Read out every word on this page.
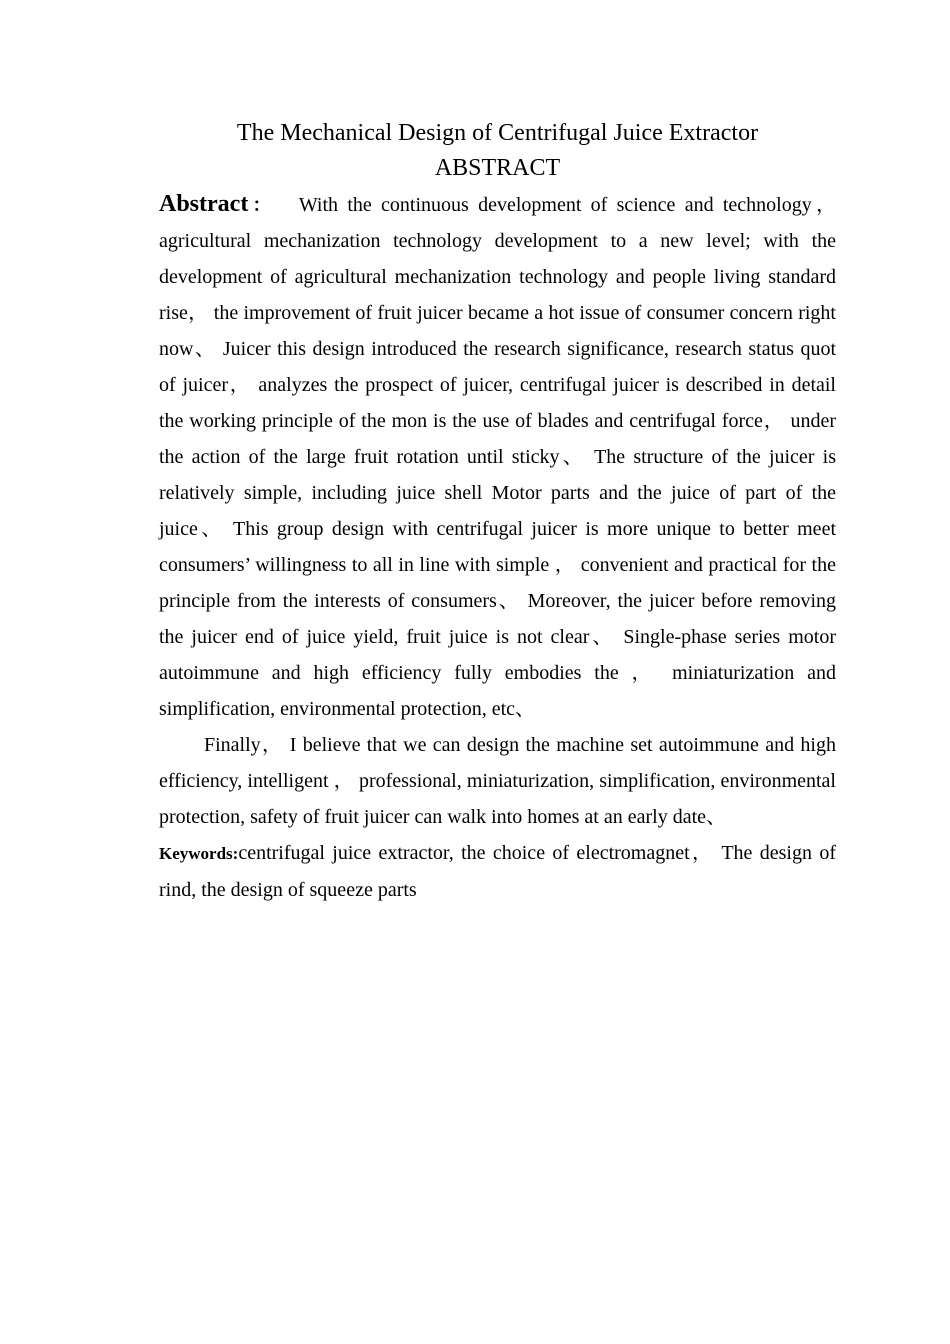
The Mechanical Design of Centrifugal Juice Extractor
ABSTRACT

Abstract： With the continuous development of science and technology， agricultural mechanization technology development to a new level; with the development of agricultural mechanization technology and people living standard rise， the improvement of fruit juicer became a hot issue of consumer concern right now、 Juicer this design introduced the research significance, research status quot of juicer， analyzes the prospect of juicer, centrifugal juicer is described in detail the working principle of the mon is the use of blades and centrifugal force， under the action of the large fruit rotation until sticky、 The structure of the juicer is relatively simple, including juice shell Motor parts and the juice of part of the juice、 This group design with centrifugal juicer is more unique to better meet consumers’ willingness to all in line with simple ， convenient and practical for the principle from the interests of consumers、 Moreover, the juicer before removing the juicer end of juice yield, fruit juice is not clear、 Single-phase series motor autoimmune and high efficiency fully embodies the ， miniaturization and simplification, environmental protection, etc、

Finally， I believe that we can design the machine set autoimmune and high efficiency, intelligent ， professional, miniaturization, simplification, environmental protection, safety of fruit juicer can walk into homes at an early date、

Keywords:centrifugal juice extractor, the choice of electromagnet， The design of rind, the design of squeeze parts
